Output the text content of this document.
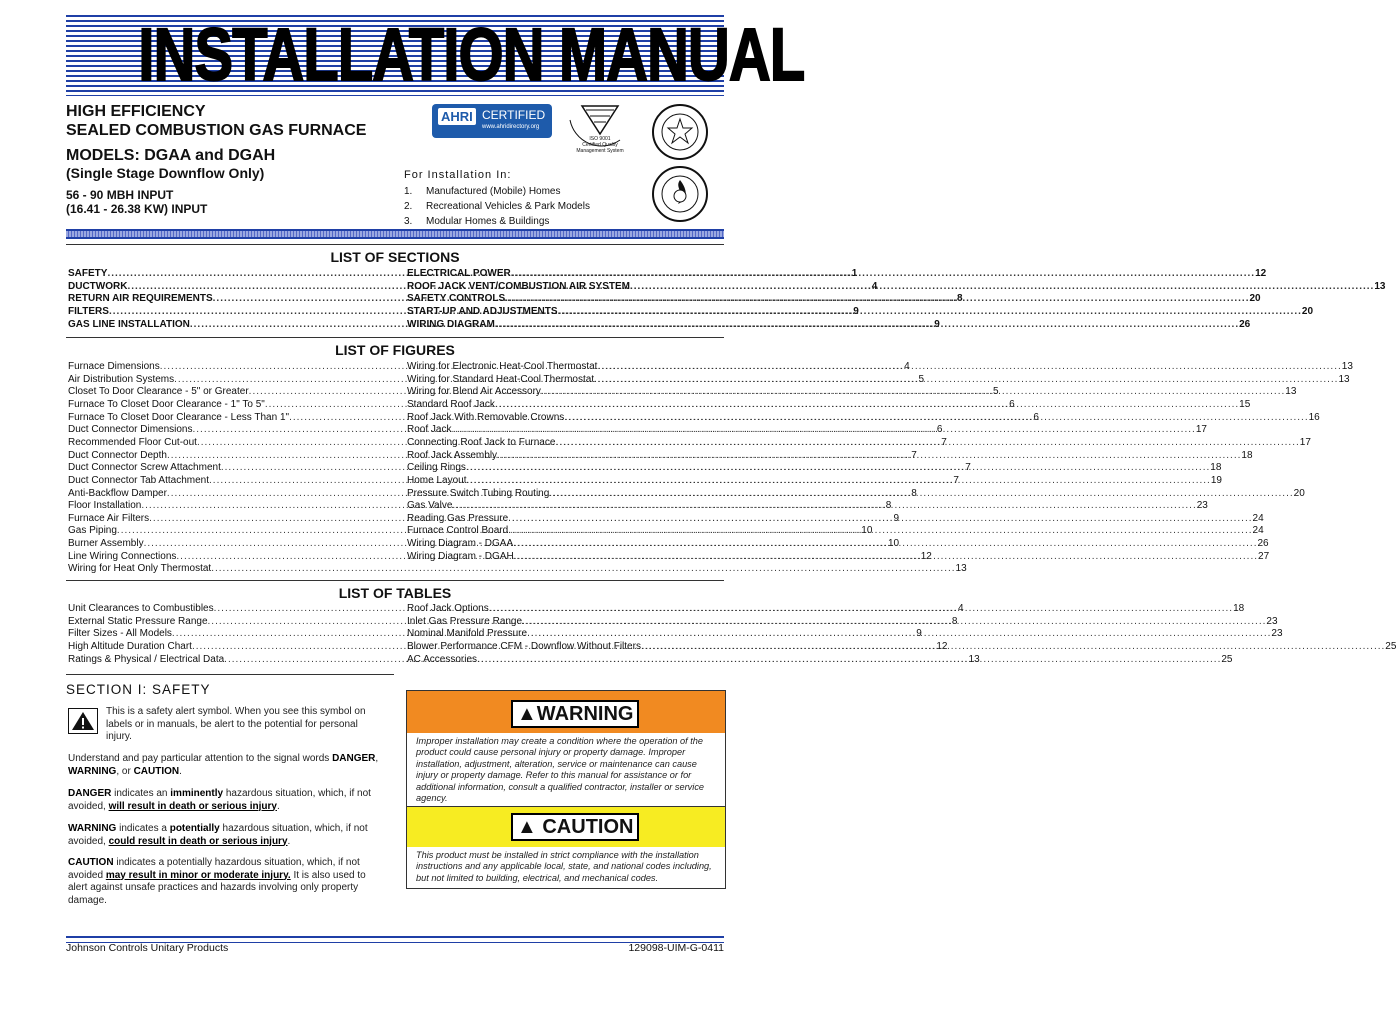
INSTALLATION MANUAL
HIGH EFFICIENCY
SEALED COMBUSTION GAS FURNACE
MODELS: DGAA and DGAH
(Single Stage Downflow Only)
56 - 90 MBH INPUT
(16.41 - 26.38 KW) INPUT
AHRI CERTIFIED
www.ahridirectory.org
ISO 9001
Certified Quality
Management System
For Installation In:
1. Manufactured (Mobile) Homes
2. Recreational Vehicles & Park Models
3. Modular Homes & Buildings
LIST OF SECTIONS
SAFETY .....	1
DUCTWORK .....	4
RETURN AIR REQUIREMENTS .....	8
FILTERS .....	9
GAS LINE INSTALLATION .....	9
ELECTRICAL POWER .....	12
ROOF JACK VENT/COMBUSTION AIR SYSTEM .....	13
SAFETY CONTROLS .....	20
START-UP AND ADJUSTMENTS .....	20
WIRING DIAGRAM .....	26
LIST OF FIGURES
Furnace Dimensions .....	4
Air Distribution Systems .....	5
Closet To Door Clearance - 5" or Greater .....	5
Furnace To Closet Door Clearance - 1" To 5" .....	6
Furnace To Closet Door Clearance - Less Than 1" .....	6
Duct Connector Dimensions .....	6
Recommended Floor Cut-out .....	7
Duct Connector Depth .....	7
Duct Connector Screw Attachment .....	7
Duct Connector Tab Attachment .....	7
Anti-Backflow Damper .....	8
Floor Installation .....	8
Furnace Air Filters .....	9
Gas Piping .....	10
Burner Assembly .....	10
Line Wiring Connections .....	12
Wiring for Heat Only Thermostat .....	13
Wiring for Electronic Heat-Cool Thermostat .....	13
Wiring for Standard Heat-Cool Thermostat .....	13
Wiring for Blend Air Accessory .....	13
Standard Roof Jack .....	15
Roof Jack With Removable Crowns .....	16
Roof Jack .....	17
Connecting Roof Jack to Furnace .....	17
Roof Jack Assembly .....	18
Ceiling Rings .....	18
Home Layout .....	19
Pressure Switch Tubing Routing .....	20
Gas Valve .....	23
Reading Gas Pressure .....	24
Furnace Control Board .....	24
Wiring Diagram - DGAA .....	26
Wiring Diagram - DGAH .....	27
LIST OF TABLES
Unit Clearances to Combustibles .....	4
External Static Pressure Range .....	8
Filter Sizes - All Models .....	9
High Altitude Duration Chart .....	12
Ratings & Physical / Electrical Data .....	13
Roof Jack Options .....	18
Inlet Gas Pressure Range .....	23
Nominal Manifold Pressure .....	23
Blower Performance CFM - Downflow Without Filters .....	25
AC Accessories .....	25
SECTION I: SAFETY
This is a safety alert symbol. When you see this symbol on labels or in manuals, be alert to the potential for personal injury.
Understand and pay particular attention to the signal words DANGER, WARNING, or CAUTION.
DANGER indicates an imminently hazardous situation, which, if not avoided, will result in death or serious injury.
WARNING indicates a potentially hazardous situation, which, if not avoided, could result in death or serious injury.
CAUTION indicates a potentially hazardous situation, which, if not avoided may result in minor or moderate injury. It is also used to alert against unsafe practices and hazards involving only property damage.
▲WARNING
Improper installation may create a condition where the operation of the product could cause personal injury or property damage. Improper installation, adjustment, alteration, service or maintenance can cause injury or property damage. Refer to this manual for assistance or for additional information, consult a qualified contractor, installer or service agency.
▲ CAUTION
This product must be installed in strict compliance with the installation instructions and any applicable local, state, and national codes including, but not limited to building, electrical, and mechanical codes.
Johnson Controls Unitary Products	129098-UIM-G-0411
